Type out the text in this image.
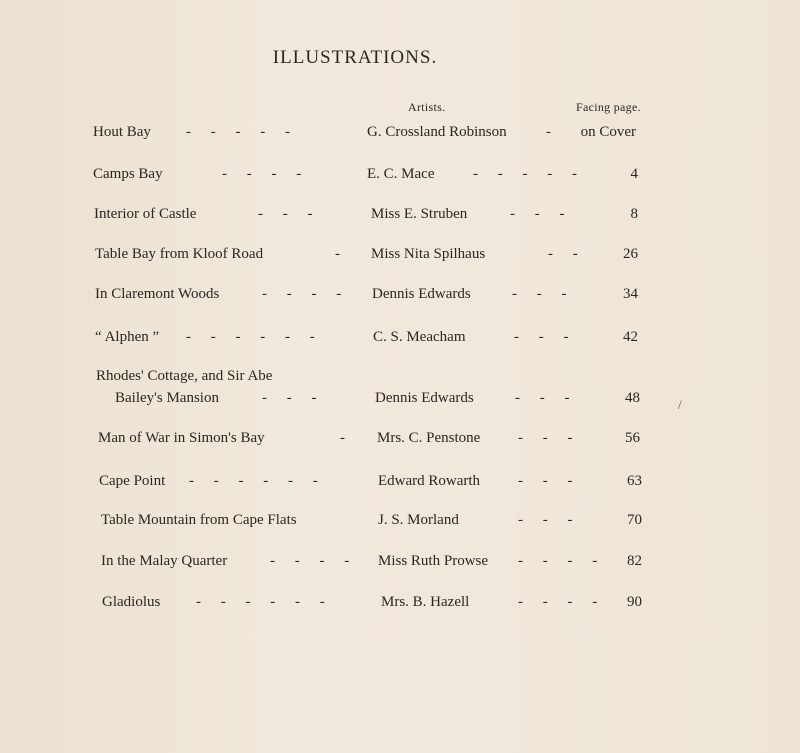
ILLUSTRATIONS.
Artists.	Facing page.
Hout Bay - - - - -	G. Crossland Robinson	-	on Cover
Camps Bay	- - - -	E. C. Mace	- - - - -	4
Interior of Castle	- - -	Miss E. Struben	- - -	8
Table Bay from Kloof Road	- Miss Nita Spilhaus	- -	26
In Claremont Woods	- - - - Dennis Edwards	- - -	34
“ Alphen ” - - - - - -	C. S. Meacham	- - -	42
Rhodes' Cottage, and Sir Abe
Bailey's Mansion	- - -	Dennis Edwards	- - -	48
Man of War in Simon's Bay	- Mrs. C. Penstone	- - -	56
Cape Point - - - - - -	Edward Rowarth	- - -	63
Table Mountain from Cape Flats	J. S. Morland	- - -	70
In the Malay Quarter	- - - - Miss Ruth Prowse - - - -	82
Gladiolus - - - - - -	Mrs. B. Hazell	- - - -	90
/
